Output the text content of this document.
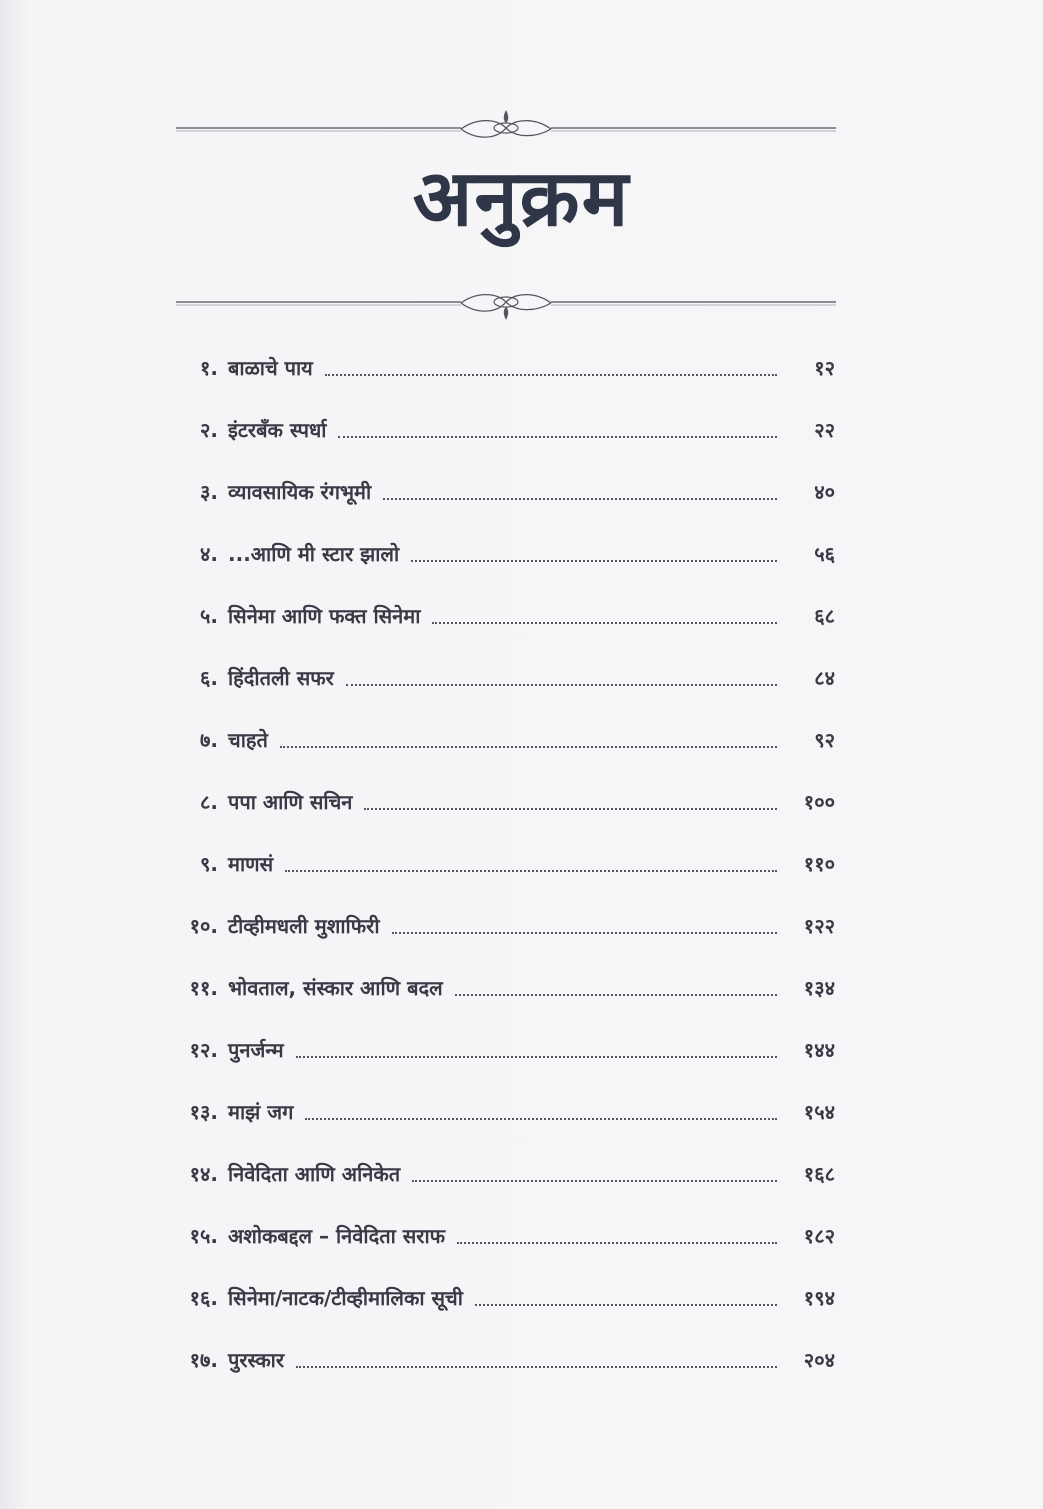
अनुक्रम
१. बाळाचे पाय	१२
२. इंटरबँक स्पर्धा	२२
३. व्यावसायिक रंगभूमी	४०
४. ...आणि मी स्टार झालो	५६
५. सिनेमा आणि फक्त सिनेमा	६८
६. हिंदीतली सफर	८४
७. चाहते	९२
८. पपा आणि सचिन	१००
९. माणसं	११०
१०. टीव्हीमधली मुशाफिरी	१२२
११. भोवताल, संस्कार आणि बदल	१३४
१२. पुनर्जन्म	१४४
१३. माझं जग	१५४
१४. निवेदिता आणि अनिकेत	१६८
१५. अशोकबद्दल – निवेदिता सराफ	१८२
१६. सिनेमा/नाटक/टीव्हीमालिका सूची	१९४
१७. पुरस्कार	२०४
